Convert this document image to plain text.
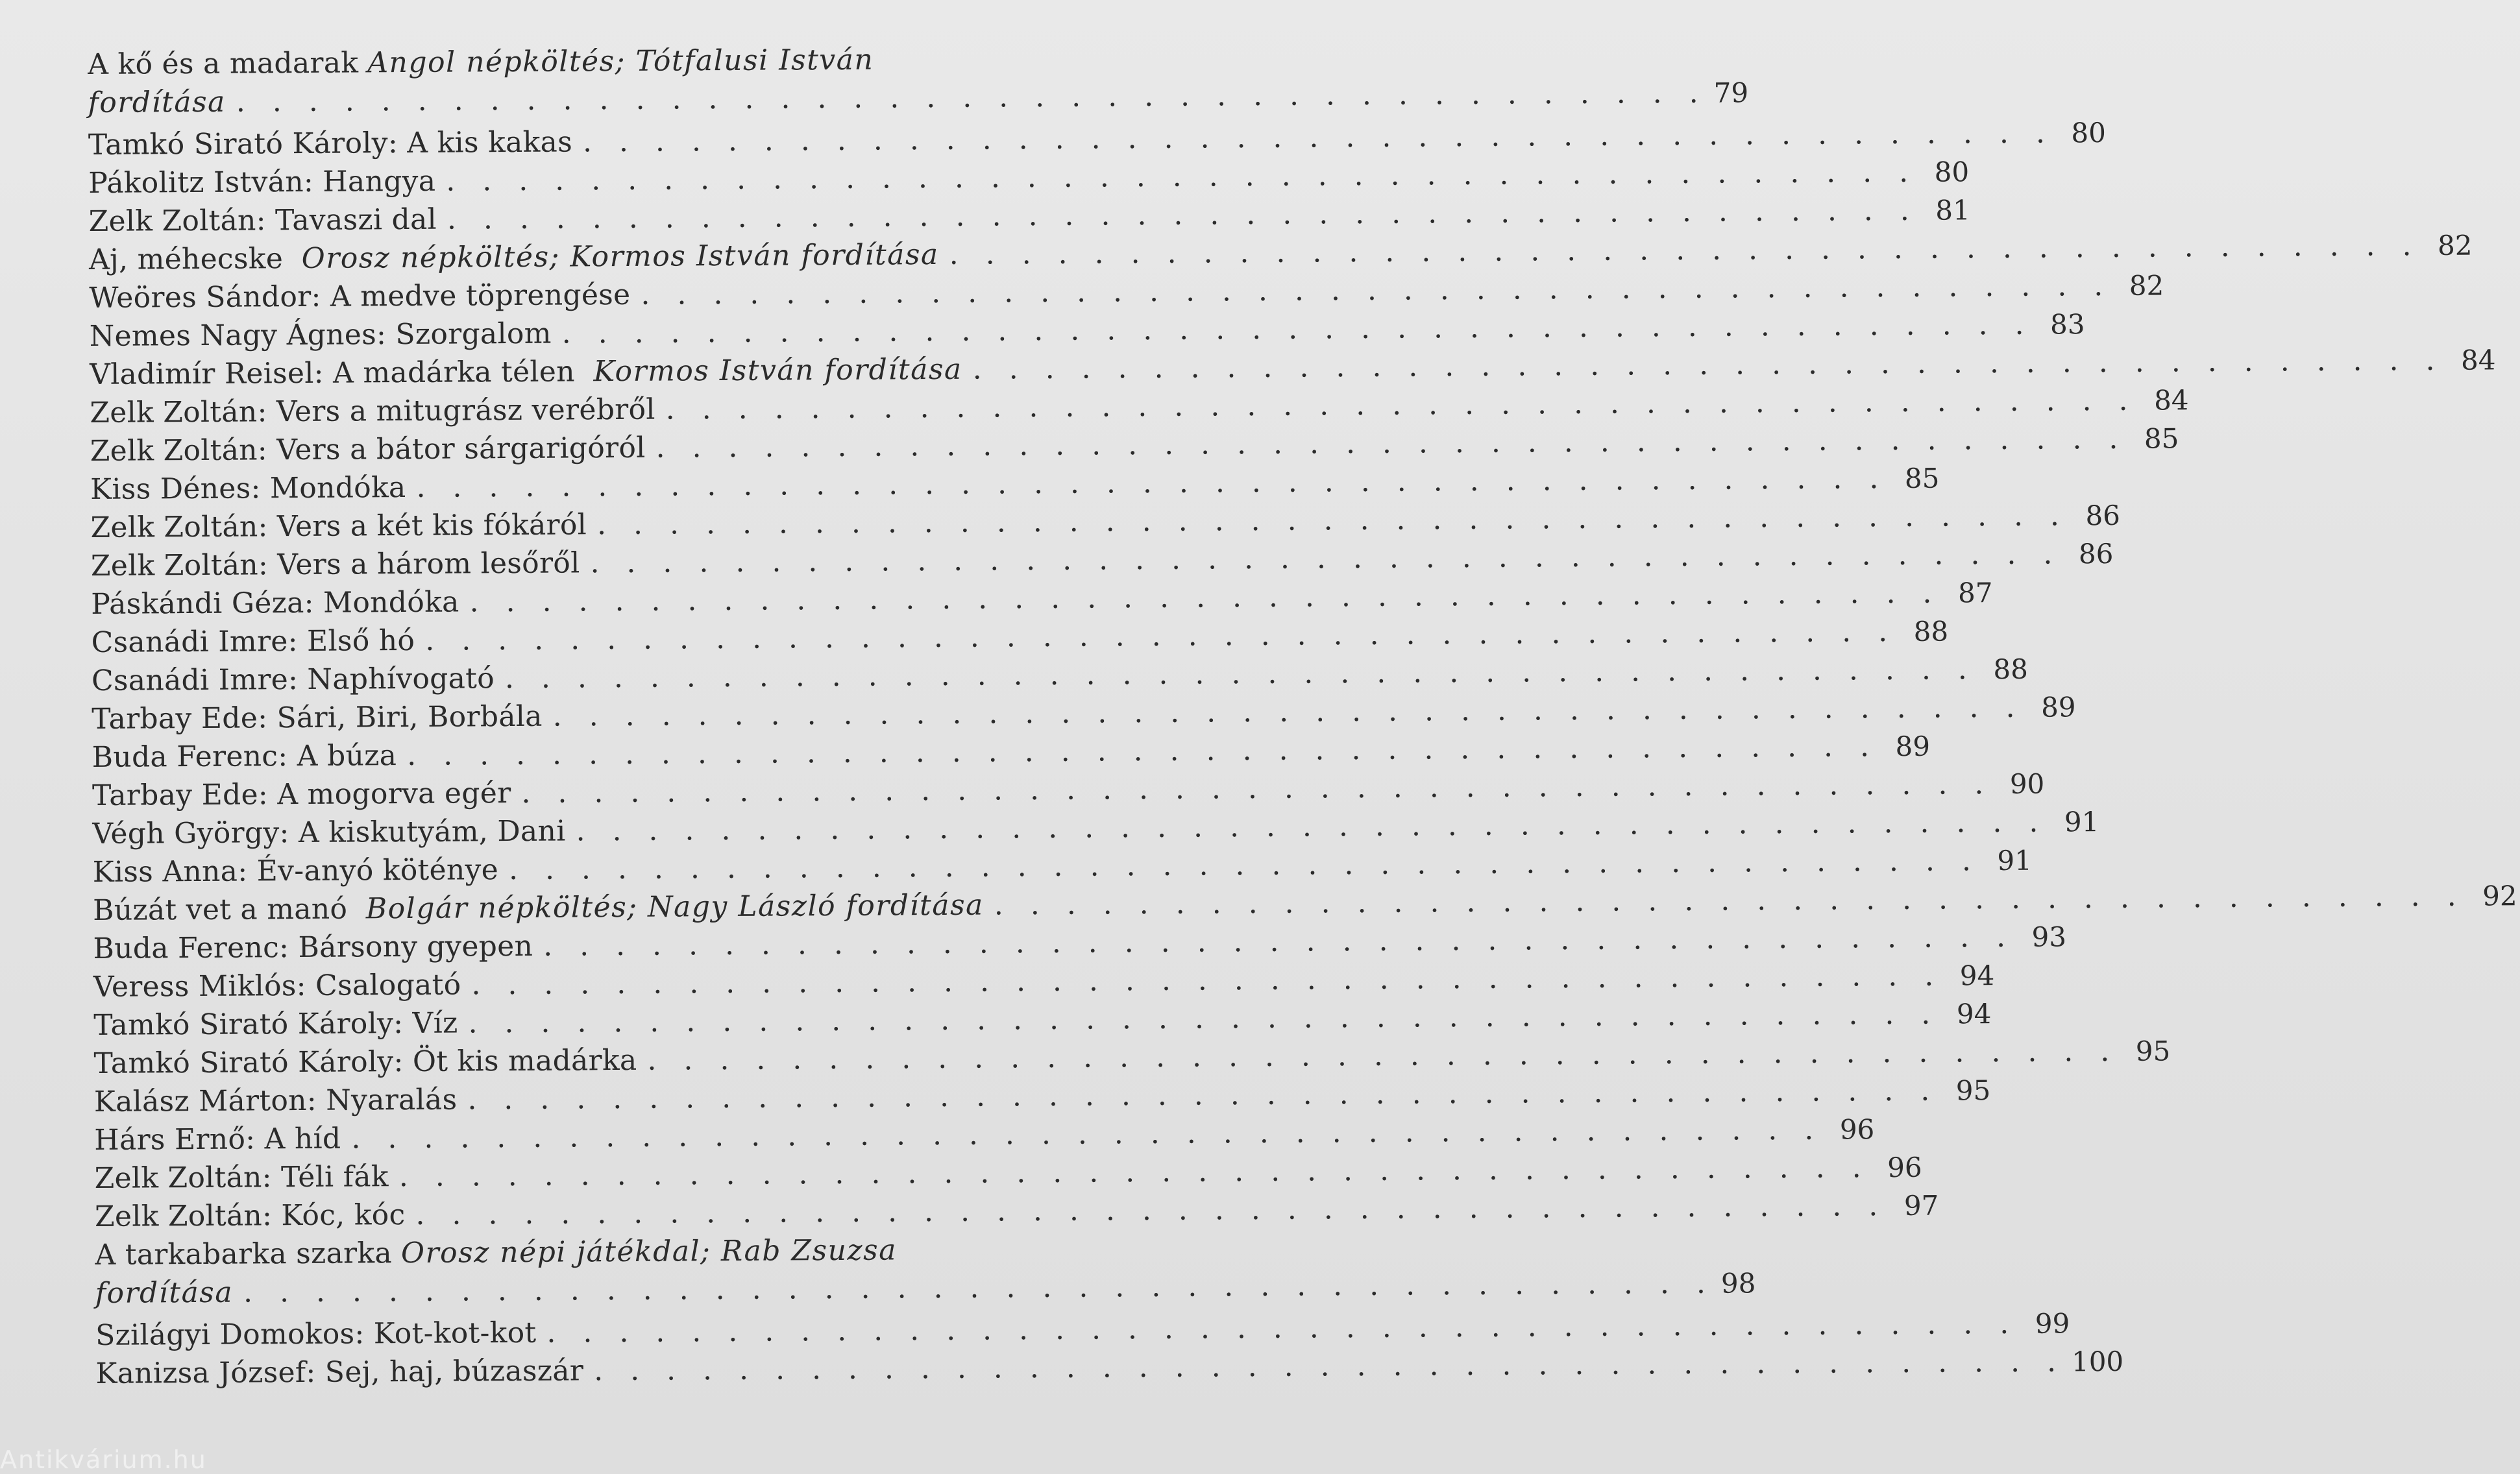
A kő és a madarak Angol népköltés; Tótfalusi István
fordítása . . . . . . . . . . . . . . . . . . . . . . . . . . . . . . . . . . . . . . . . . 79
Tamkó Sirató Károly: A kis kakas . . . . . . . . . . . . . . . . . . . . . . . . . . . . . . . . . . . . . . . . . 80
Pákolitz István: Hangya . . . . . . . . . . . . . . . . . . . . . . . . . . . . . . . . . . . . . . . . . 80
Zelk Zoltán: Tavaszi dal . . . . . . . . . . . . . . . . . . . . . . . . . . . . . . . . . . . . . . . . . 81
Aj, méhecske
Orosz népköltés; Kormos István fordítása . . . . . . . . . . . . . . . . . . . . . . . . . . . . . . . . . . . . . . . . . 82
Weöres Sándor: A medve töprengése . . . . . . . . . . . . . . . . . . . . . . . . . . . . . . . . . . . . . . . . . 82
Nemes Nagy Ágnes: Szorgalom . . . . . . . . . . . . . . . . . . . . . . . . . . . . . . . . . . . . . . . . . 83
Vladimír Reisel: A madárka télen
Kormos István fordítása . . . . . . . . . . . . . . . . . . . . . . . . . . . . . . . . . . . . . . . . . 84
Zelk Zoltán: Vers a mitugrász verébről . . . . . . . . . . . . . . . . . . . . . . . . . . . . . . . . . . . . . . . . . 84
Zelk Zoltán: Vers a bátor sárgarigóról . . . . . . . . . . . . . . . . . . . . . . . . . . . . . . . . . . . . . . . . . 85
Kiss Dénes: Mondóka . . . . . . . . . . . . . . . . . . . . . . . . . . . . . . . . . . . . . . . . . 85
Zelk Zoltán: Vers a két kis fókáról . . . . . . . . . . . . . . . . . . . . . . . . . . . . . . . . . . . . . . . . . 86
Zelk Zoltán: Vers a három lesőről . . . . . . . . . . . . . . . . . . . . . . . . . . . . . . . . . . . . . . . . . 86
Páskándi Géza: Mondóka . . . . . . . . . . . . . . . . . . . . . . . . . . . . . . . . . . . . . . . . . 87
Csanádi Imre: Első hó . . . . . . . . . . . . . . . . . . . . . . . . . . . . . . . . . . . . . . . . . 88
Csanádi Imre: Naphívogató . . . . . . . . . . . . . . . . . . . . . . . . . . . . . . . . . . . . . . . . . 88
Tarbay Ede: Sári, Biri, Borbála . . . . . . . . . . . . . . . . . . . . . . . . . . . . . . . . . . . . . . . . . 89
Buda Ferenc: A búza . . . . . . . . . . . . . . . . . . . . . . . . . . . . . . . . . . . . . . . . . 89
Tarbay Ede: A mogorva egér . . . . . . . . . . . . . . . . . . . . . . . . . . . . . . . . . . . . . . . . . 90
Végh György: A kiskutyám, Dani . . . . . . . . . . . . . . . . . . . . . . . . . . . . . . . . . . . . . . . . . 91
Kiss Anna: Év-anyó köténye . . . . . . . . . . . . . . . . . . . . . . . . . . . . . . . . . . . . . . . . . 91
Búzát vet a manó
Bolgár népköltés; Nagy László fordítása . . . . . . . . . . . . . . . . . . . . . . . . . . . . . . . . . . . . . . . . . 92
Buda Ferenc: Bársony gyepen . . . . . . . . . . . . . . . . . . . . . . . . . . . . . . . . . . . . . . . . . 93
Veress Miklós: Csalogató . . . . . . . . . . . . . . . . . . . . . . . . . . . . . . . . . . . . . . . . . 94
Tamkó Sirató Károly: Víz . . . . . . . . . . . . . . . . . . . . . . . . . . . . . . . . . . . . . . . . . 94
Tamkó Sirató Károly: Öt kis madárka . . . . . . . . . . . . . . . . . . . . . . . . . . . . . . . . . . . . . . . . . 95
Kalász Márton: Nyaralás . . . . . . . . . . . . . . . . . . . . . . . . . . . . . . . . . . . . . . . . . 95
Hárs Ernő: A híd . . . . . . . . . . . . . . . . . . . . . . . . . . . . . . . . . . . . . . . . . 96
Zelk Zoltán: Téli fák . . . . . . . . . . . . . . . . . . . . . . . . . . . . . . . . . . . . . . . . . 96
Zelk Zoltán: Kóc, kóc . . . . . . . . . . . . . . . . . . . . . . . . . . . . . . . . . . . . . . . . . 97
A tarkabarka szarka Orosz népi játékdal; Rab Zsuzsa
fordítása . . . . . . . . . . . . . . . . . . . . . . . . . . . . . . . . . . . . . . . . . 98
Szilágyi Domokos: Kot-kot-kot . . . . . . . . . . . . . . . . . . . . . . . . . . . . . . . . . . . . . . . . . 99
Kanizsa József: Sej, haj, búzaszár . . . . . . . . . . . . . . . . . . . . . . . . . . . . . . . . . . . . . . . . . 100
Antikvárium.hu
